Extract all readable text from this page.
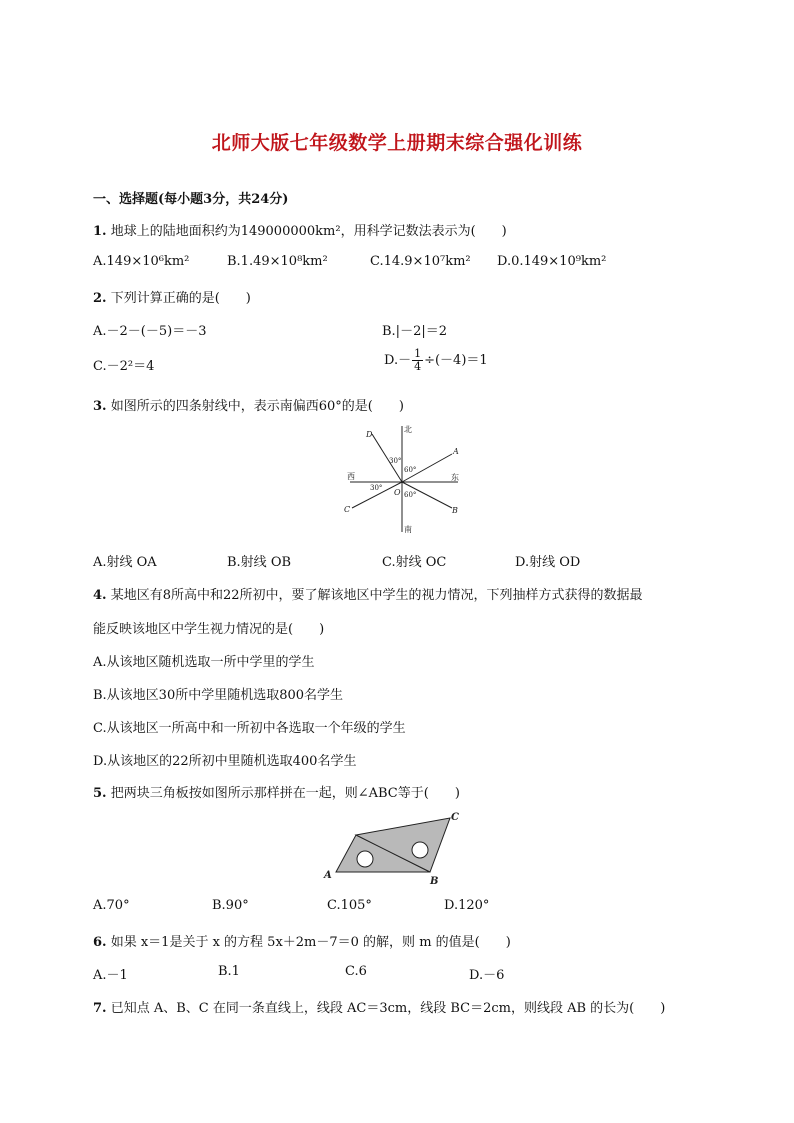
北师大版七年级数学上册期末综合强化训练
一、选择题(每小题3分，共24分)
1. 地球上的陆地面积约为149000000km²，用科学记数法表示为(　　)
A.149×10⁶km²	B.1.49×10⁸km²	C.14.9×10⁷km² D.0.149×10⁹km²
2. 下列计算正确的是(　　)
A.－2－(－5)＝－3	B.|－2|＝2
C.－2²＝4	$D.- \frac{1}{4} \div(-4)=1$
3. 如图所示的四条射线中，表示南偏西60°的是(　　)
D
A
C	B
O
北
南
东
西
30°
60°
30°
60°
A.射线 OA	B.射线 OB	C.射线 OC	D.射线 OD
4. 某地区有8所高中和22所初中，要了解该地区中学生的视力情况，下列抽样方式获得的数据最
能反映该地区中学生视力情况的是(　　)
A.从该地区随机选取一所中学里的学生
B.从该地区30所中学里随机选取800名学生
C.从该地区一所高中和一所初中各选取一个年级的学生
D.从该地区的22所初中里随机选取400名学生
5. 把两块三角板按如图所示那样拼在一起，则∠ABC等于(　　)
A
B
C
A.70°	B.90°	C.105°	D.120°
6. 如果 x＝1是关于 x 的方程 5x＋2m－7＝0 的解，则 m 的值是(　　)
A.－1	B.1	C.6	D.－6
7. 已知点 A、B、C 在同一条直线上，线段 AC＝3cm，线段 BC＝2cm，则线段 AB 的长为(　　)
